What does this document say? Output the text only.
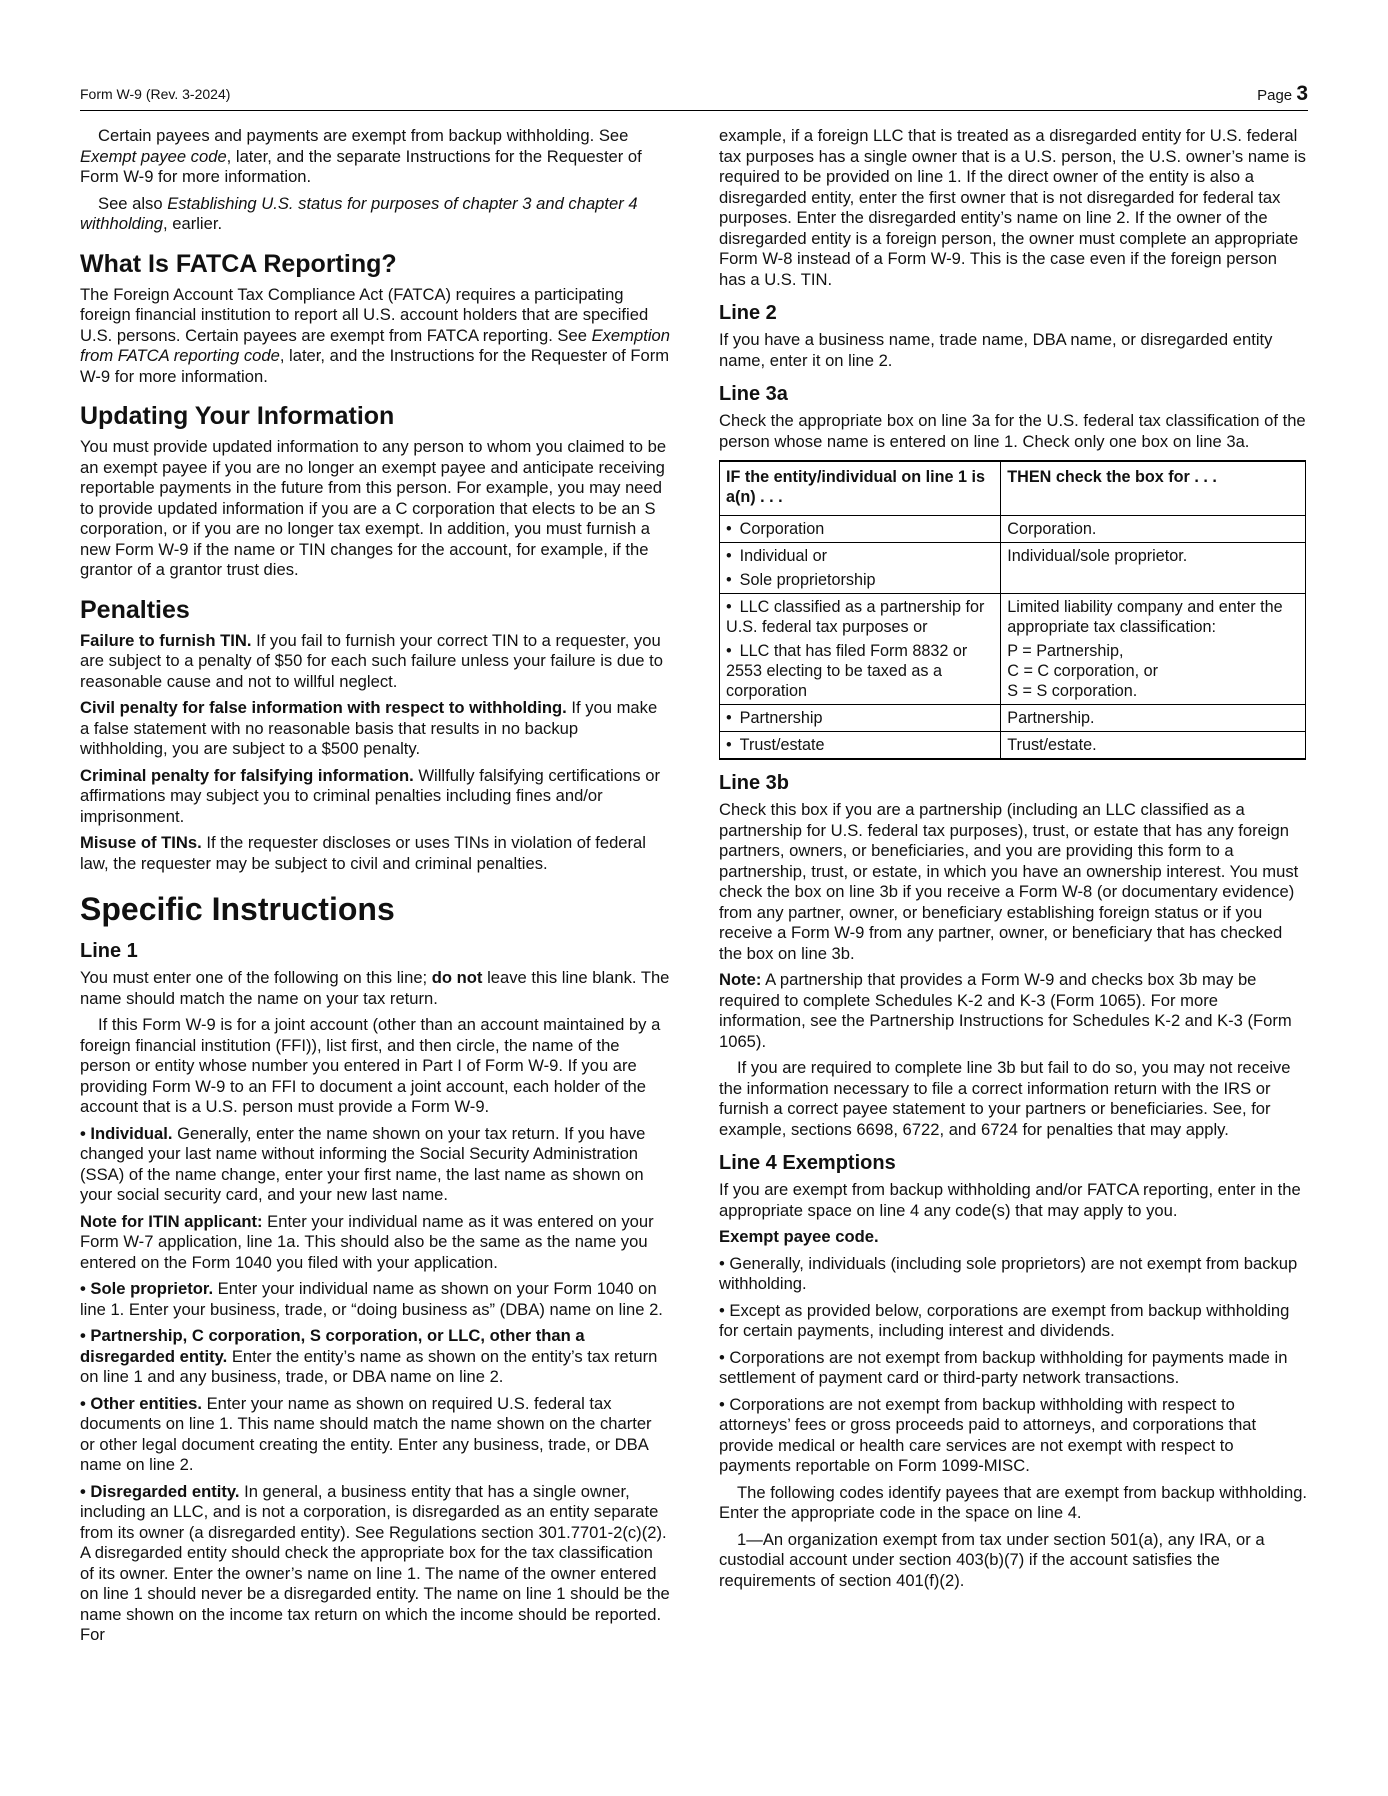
Form W-9 (Rev. 3-2024)	Page 3

Certain payees and payments are exempt from backup withholding. See Exempt payee code, later, and the separate Instructions for the Requester of Form W-9 for more information.

See also Establishing U.S. status for purposes of chapter 3 and chapter 4 withholding, earlier.

What Is FATCA Reporting?

The Foreign Account Tax Compliance Act (FATCA) requires a participating foreign financial institution to report all U.S. account holders that are specified U.S. persons. Certain payees are exempt from FATCA reporting. See Exemption from FATCA reporting code, later, and the Instructions for the Requester of Form W-9 for more information.

Updating Your Information

You must provide updated information to any person to whom you claimed to be an exempt payee if you are no longer an exempt payee and anticipate receiving reportable payments in the future from this person. For example, you may need to provide updated information if you are a C corporation that elects to be an S corporation, or if you are no longer tax exempt. In addition, you must furnish a new Form W-9 if the name or TIN changes for the account, for example, if the grantor of a grantor trust dies.

Penalties

Failure to furnish TIN. If you fail to furnish your correct TIN to a requester, you are subject to a penalty of $50 for each such failure unless your failure is due to reasonable cause and not to willful neglect.

Civil penalty for false information with respect to withholding. If you make a false statement with no reasonable basis that results in no backup withholding, you are subject to a $500 penalty.

Criminal penalty for falsifying information. Willfully falsifying certifications or affirmations may subject you to criminal penalties including fines and/or imprisonment.

Misuse of TINs. If the requester discloses or uses TINs in violation of federal law, the requester may be subject to civil and criminal penalties.

Specific Instructions
Line 1

You must enter one of the following on this line; do not leave this line blank. The name should match the name on your tax return.

If this Form W-9 is for a joint account (other than an account maintained by a foreign financial institution (FFI)), list first, and then circle, the name of the person or entity whose number you entered in Part I of Form W-9. If you are providing Form W-9 to an FFI to document a joint account, each holder of the account that is a U.S. person must provide a Form W-9.

• Individual. Generally, enter the name shown on your tax return. If you have changed your last name without informing the Social Security Administration (SSA) of the name change, enter your first name, the last name as shown on your social security card, and your new last name.

Note for ITIN applicant: Enter your individual name as it was entered on your Form W-7 application, line 1a. This should also be the same as the name you entered on the Form 1040 you filed with your application.

• Sole proprietor. Enter your individual name as shown on your Form 1040 on line 1. Enter your business, trade, or “doing business as” (DBA) name on line 2.

• Partnership, C corporation, S corporation, or LLC, other than a disregarded entity. Enter the entity’s name as shown on the entity’s tax return on line 1 and any business, trade, or DBA name on line 2.

• Other entities. Enter your name as shown on required U.S. federal tax documents on line 1. This name should match the name shown on the charter or other legal document creating the entity. Enter any business, trade, or DBA name on line 2.

• Disregarded entity. In general, a business entity that has a single owner, including an LLC, and is not a corporation, is disregarded as an entity separate from its owner (a disregarded entity). See Regulations section 301.7701-2(c)(2). A disregarded entity should check the appropriate box for the tax classification of its owner. Enter the owner’s name on line 1. The name of the owner entered on line 1 should never be a disregarded entity. The name on line 1 should be the name shown on the income tax return on which the income should be reported. For

example, if a foreign LLC that is treated as a disregarded entity for U.S. federal tax purposes has a single owner that is a U.S. person, the U.S. owner’s name is required to be provided on line 1. If the direct owner of the entity is also a disregarded entity, enter the first owner that is not disregarded for federal tax purposes. Enter the disregarded entity’s name on line 2. If the owner of the disregarded entity is a foreign person, the owner must complete an appropriate Form W-8 instead of a Form W-9. This is the case even if the foreign person has a U.S. TIN.

Line 2

If you have a business name, trade name, DBA name, or disregarded entity name, enter it on line 2.

Line 3a

Check the appropriate box on line 3a for the U.S. federal tax classification of the person whose name is entered on line 1. Check only one box on line 3a.

IF the entity/individual on line 1 is a(n) . . .	THEN check the box for . . .
• Corporation	Corporation.

• Individual or
• Sole proprietorship	Individual/sole proprietor.

• LLC classified as a partnership for U.S. federal tax purposes or
• LLC that has filed Form 8832 or 2553 electing to be taxed as a corporation	Limited liability company and enter the appropriate tax classification:
P = Partnership,
C = C corporation, or
S = S corporation.

• Partnership	Partnership.
• Trust/estate	Trust/estate.
Line 3b

Check this box if you are a partnership (including an LLC classified as a partnership for U.S. federal tax purposes), trust, or estate that has any foreign partners, owners, or beneficiaries, and you are providing this form to a partnership, trust, or estate, in which you have an ownership interest. You must check the box on line 3b if you receive a Form W-8 (or documentary evidence) from any partner, owner, or beneficiary establishing foreign status or if you receive a Form W-9 from any partner, owner, or beneficiary that has checked the box on line 3b.

Note: A partnership that provides a Form W-9 and checks box 3b may be required to complete Schedules K-2 and K-3 (Form 1065). For more information, see the Partnership Instructions for Schedules K-2 and K-3 (Form 1065).

If you are required to complete line 3b but fail to do so, you may not receive the information necessary to file a correct information return with the IRS or furnish a correct payee statement to your partners or beneficiaries. See, for example, sections 6698, 6722, and 6724 for penalties that may apply.

Line 4 Exemptions

If you are exempt from backup withholding and/or FATCA reporting, enter in the appropriate space on line 4 any code(s) that may apply to you.

Exempt payee code.

• Generally, individuals (including sole proprietors) are not exempt from backup withholding.

• Except as provided below, corporations are exempt from backup withholding for certain payments, including interest and dividends.

• Corporations are not exempt from backup withholding for payments made in settlement of payment card or third-party network transactions.

• Corporations are not exempt from backup withholding with respect to attorneys’ fees or gross proceeds paid to attorneys, and corporations that provide medical or health care services are not exempt with respect to payments reportable on Form 1099-MISC.

The following codes identify payees that are exempt from backup withholding. Enter the appropriate code in the space on line 4.

1—An organization exempt from tax under section 501(a), any IRA, or a custodial account under section 403(b)(7) if the account satisfies the requirements of section 401(f)(2).
